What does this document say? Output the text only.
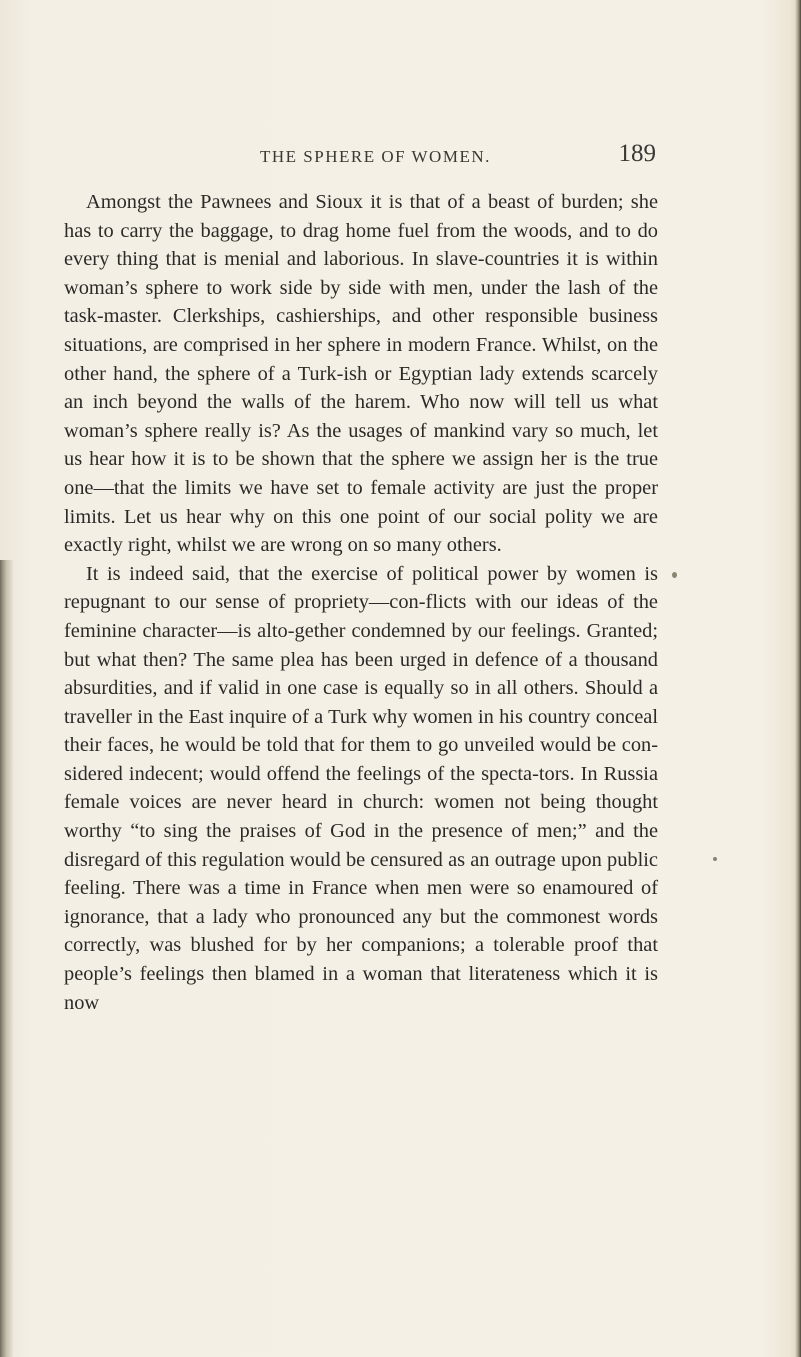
THE SPHERE OF WOMEN.	189

Amongst the Pawnees and Sioux it is that of a beast of burden; she has to carry the baggage, to drag home fuel from the woods, and to do every thing that is menial and laborious. In slave-countries it is within woman’s sphere to work side by side with men, under the lash of the task-master. Clerkships, cashierships, and other responsible business situations, are comprised in her sphere in modern France. Whilst, on the other hand, the sphere of a Turk-ish or Egyptian lady extends scarcely an inch beyond the walls of the harem. Who now will tell us what woman’s sphere really is? As the usages of mankind vary so much, let us hear how it is to be shown that the sphere we assign her is the true one—that the limits we have set to female activity are just the proper limits. Let us hear why on this one point of our social polity we are exactly right, whilst we are wrong on so many others.

It is indeed said, that the exercise of political power by women is repugnant to our sense of propriety—con-flicts with our ideas of the feminine character—is alto-gether condemned by our feelings. Granted; but what then? The same plea has been urged in defence of a thousand absurdities, and if valid in one case is equally so in all others. Should a traveller in the East inquire of a Turk why women in his country conceal their faces, he would be told that for them to go unveiled would be con-sidered indecent; would offend the feelings of the specta-tors. In Russia female voices are never heard in church: women not being thought worthy “to sing the praises of God in the presence of men;” and the disregard of this regulation would be censured as an outrage upon public feeling. There was a time in France when men were so enamoured of ignorance, that a lady who pronounced any but the commonest words correctly, was blushed for by her companions; a tolerable proof that people’s feelings then blamed in a woman that literateness which it is now
